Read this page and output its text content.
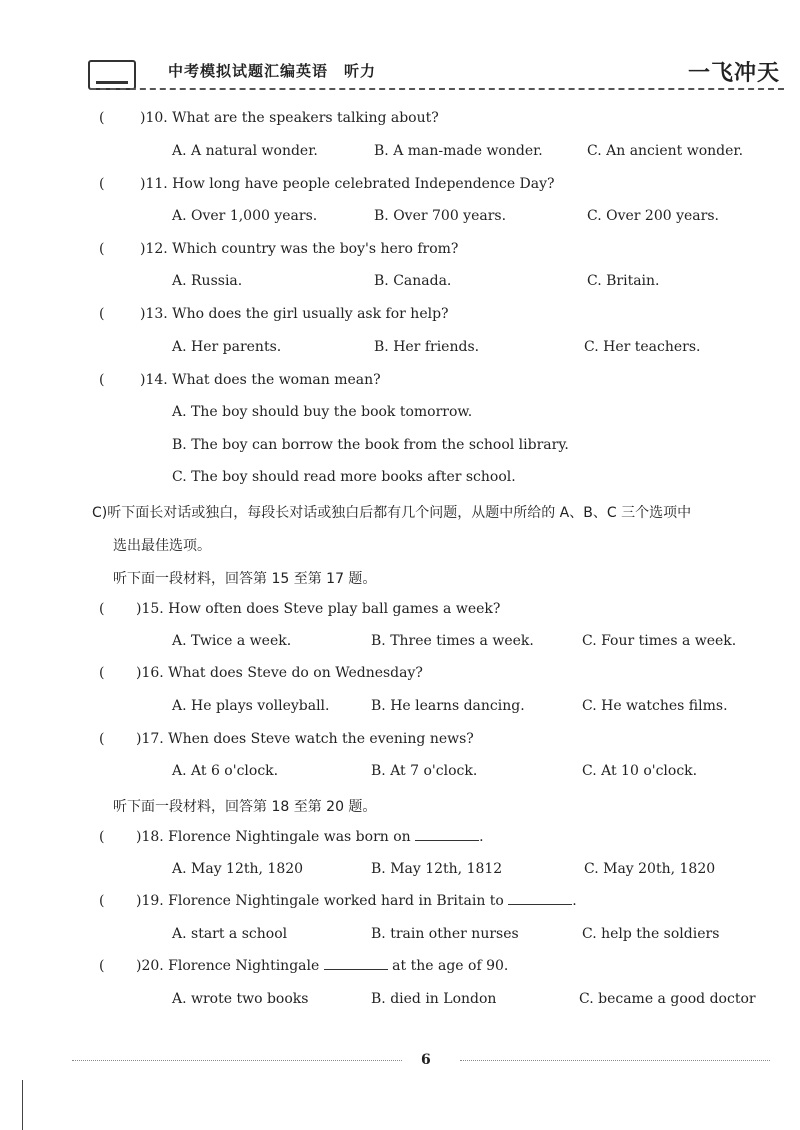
中考模拟试题汇编英语　听力	一飞冲天
(	)10. What are the speakers talking about?
A. A natural wonder.	B. A man-made wonder.	C. An ancient wonder.
(	)11. How long have people celebrated Independence Day?
A. Over 1,000 years.	B. Over 700 years.	C. Over 200 years.
(	)12. Which country was the boy's hero from?
A. Russia.	B. Canada.	C. Britain.
(	)13. Who does the girl usually ask for help?
A. Her parents.	B. Her friends.	C. Her teachers.
(	)14. What does the woman mean?
A. The boy should buy the book tomorrow.
B. The boy can borrow the book from the school library.
C. The boy should read more books after school.
C)听下面长对话或独白，每段长对话或独白后都有几个问题，从题中所给的 A、B、C 三个选项中
选出最佳选项。
听下面一段材料，回答第 15 至第 17 题。
( )15. How often does Steve play ball games a week?
A. Twice a week.	B. Three times a week.	C. Four times a week.
( )16. What does Steve do on Wednesday?
A. He plays volleyball.	B. He learns dancing.	C. He watches films.
( )17. When does Steve watch the evening news?
A. At 6 o'clock.	B. At 7 o'clock.	C. At 10 o'clock.
听下面一段材料，回答第 18 至第 20 题。
( )18. Florence Nightingale was born on	.
A. May 12th, 1820	B. May 12th, 1812	C. May 20th, 1820
( )19. Florence Nightingale worked hard in Britain to	.
A. start a school	B. train other nurses	C. help the soldiers
( )20. Florence Nightingale	at the age of 90.
A. wrote two books	B. died in London	C. became a good doctor
6
